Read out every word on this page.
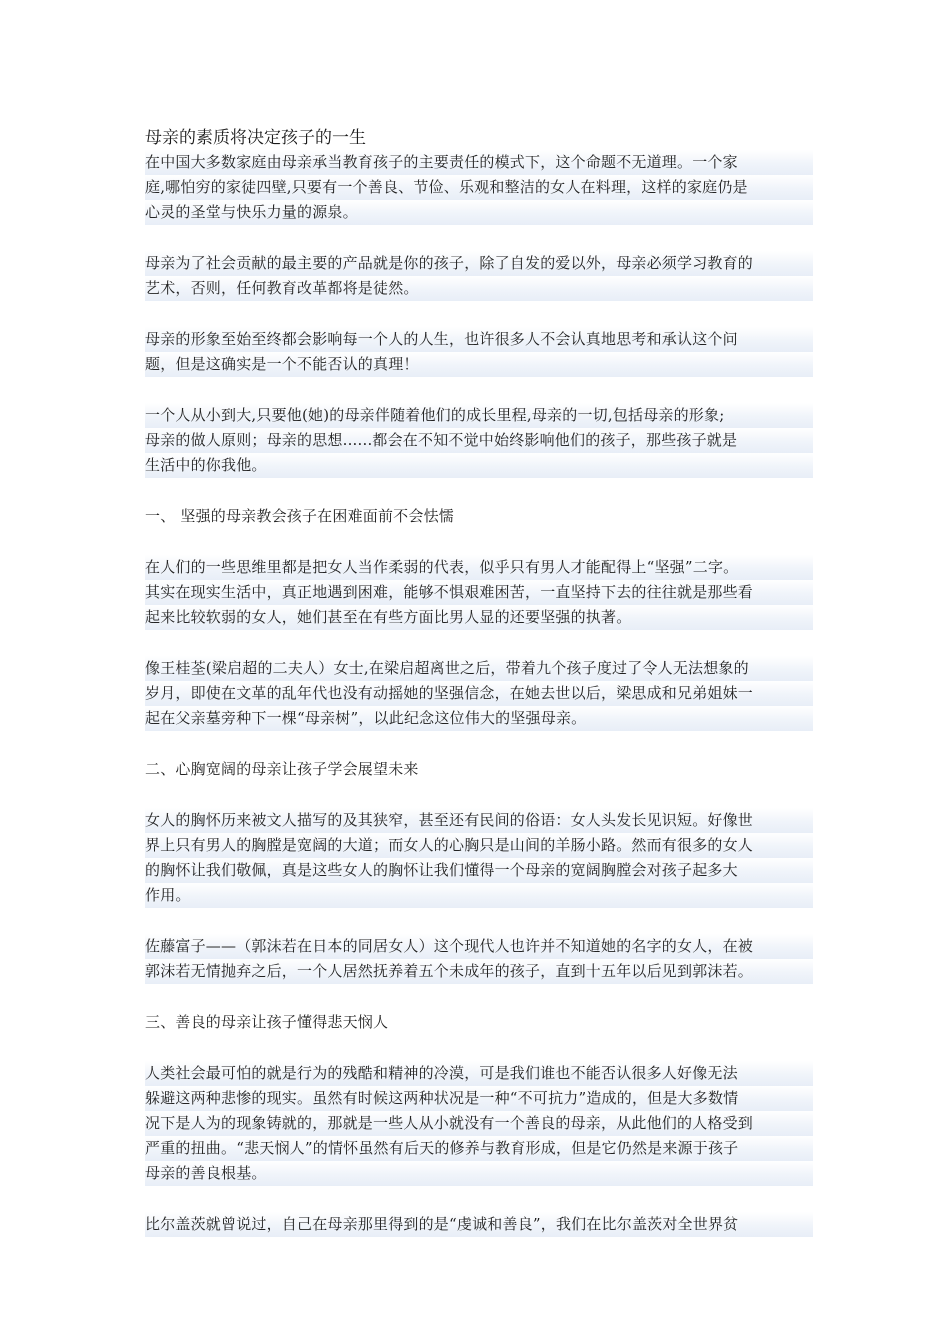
母亲的素质将决定孩子的一生
在中国大多数家庭由母亲承当教育孩子的主要责任的模式下，这个命题不无道理。一个家
庭,哪怕穷的家徒四壁,只要有一个善良、节俭、乐观和整洁的女人在料理，这样的家庭仍是
心灵的圣堂与快乐力量的源泉。
母亲为了社会贡献的最主要的产品就是你的孩子，除了自发的爱以外，母亲必须学习教育的
艺术，否则，任何教育改革都将是徒然。
母亲的形象至始至终都会影响每一个人的人生，也许很多人不会认真地思考和承认这个问
题，但是这确实是一个不能否认的真理！
一个人从小到大,只要他(她)的母亲伴随着他们的成长里程,母亲的一切,包括母亲的形象;
母亲的做人原则；母亲的思想......都会在不知不觉中始终影响他们的孩子，那些孩子就是
生活中的你我他。
一、 坚强的母亲教会孩子在困难面前不会怯懦
在人们的一些思维里都是把女人当作柔弱的代表，似乎只有男人才能配得上“坚强”二字。
其实在现实生活中，真正地遇到困难，能够不惧艰难困苦，一直坚持下去的往往就是那些看
起来比较软弱的女人，她们甚至在有些方面比男人显的还要坚强的执著。
像王桂荃(梁启超的二夫人）女士,在梁启超离世之后，带着九个孩子度过了令人无法想象的
岁月，即使在文革的乱年代也没有动摇她的坚强信念，在她去世以后，梁思成和兄弟姐妹一
起在父亲墓旁种下一棵“母亲树”，以此纪念这位伟大的坚强母亲。
二、心胸宽阔的母亲让孩子学会展望未来
女人的胸怀历来被文人描写的及其狭窄，甚至还有民间的俗语：女人头发长见识短。好像世
界上只有男人的胸膛是宽阔的大道；而女人的心胸只是山间的羊肠小路。然而有很多的女人
的胸怀让我们敬佩，真是这些女人的胸怀让我们懂得一个母亲的宽阔胸膛会对孩子起多大
作用。
佐藤富子——（郭沫若在日本的同居女人）这个现代人也许并不知道她的名字的女人，在被
郭沫若无情抛弃之后，一个人居然抚养着五个未成年的孩子，直到十五年以后见到郭沫若。
三、善良的母亲让孩子懂得悲天悯人
人类社会最可怕的就是行为的残酷和精神的冷漠，可是我们谁也不能否认很多人好像无法
躲避这两种悲惨的现实。虽然有时候这两种状况是一种“不可抗力”造成的，但是大多数情
况下是人为的现象铸就的，那就是一些人从小就没有一个善良的母亲，从此他们的人格受到
严重的扭曲。“悲天悯人”的情怀虽然有后天的修养与教育形成，但是它仍然是来源于孩子
母亲的善良根基。
比尔盖茨就曾说过，自己在母亲那里得到的是“虔诚和善良”，我们在比尔盖茨对全世界贫
